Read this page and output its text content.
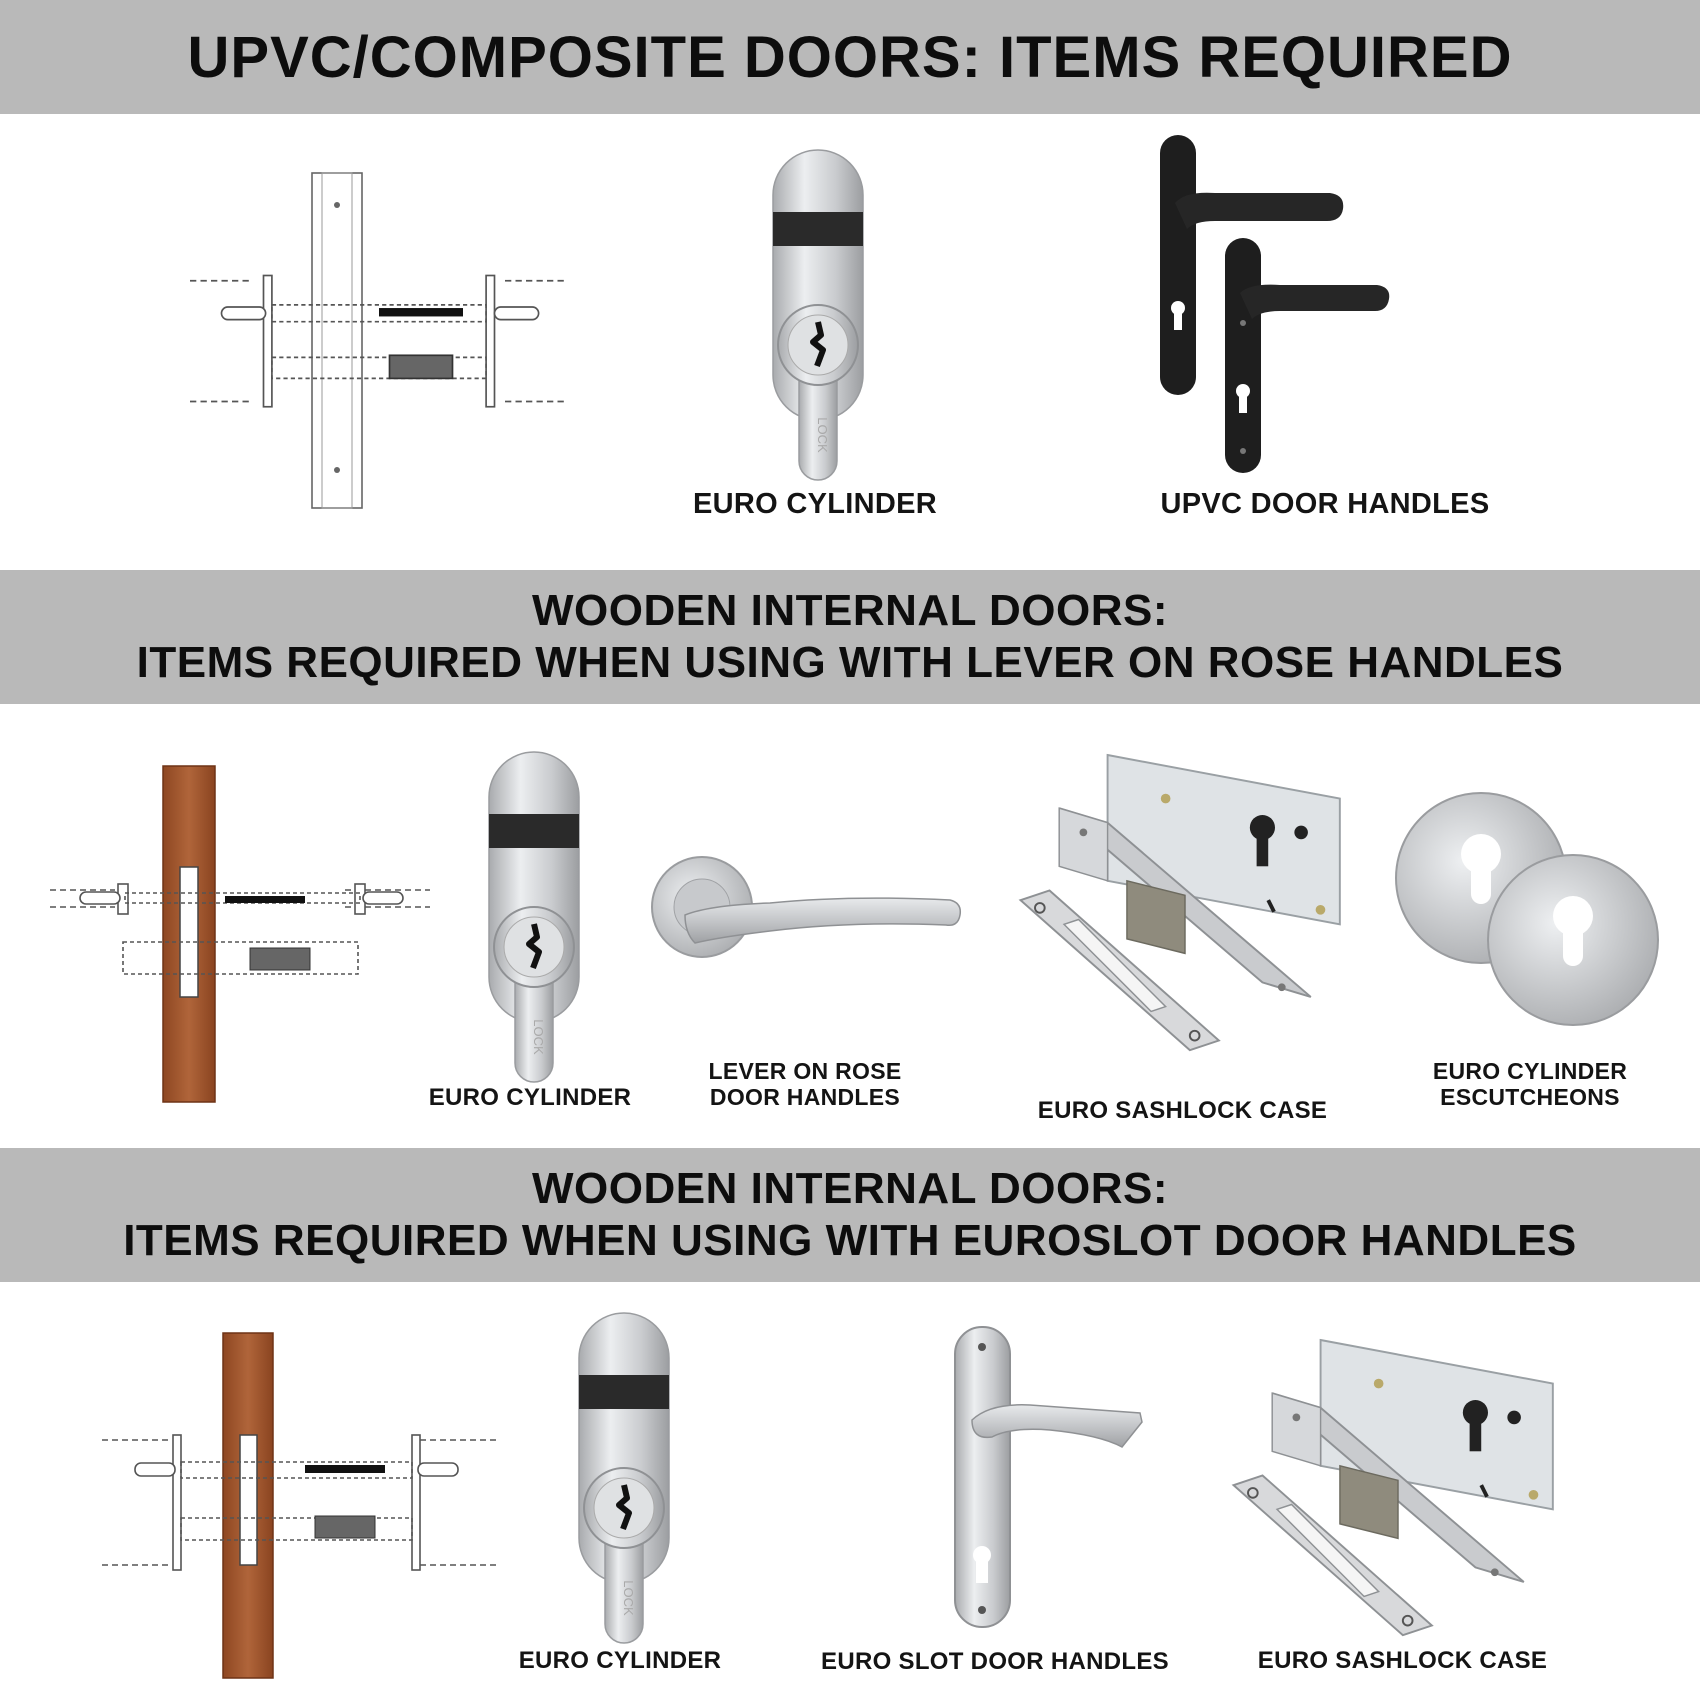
UPVC/COMPOSITE DOORS: ITEMS REQUIRED
EURO CYLINDER	UPVC DOOR HANDLES
WOODEN INTERNAL DOORS:
ITEMS REQUIRED WHEN USING WITH LEVER ON ROSE HANDLES
EURO CYLINDER
LEVER ON ROSE
DOOR HANDLES	EURO SASHLOCK CASE
EURO CYLINDER
ESCUTCHEONS
WOODEN INTERNAL DOORS:
ITEMS REQUIRED WHEN USING WITH EUROSLOT DOOR HANDLES
EURO CYLINDER	EURO SLOT DOOR HANDLES	EURO SASHLOCK CASE
